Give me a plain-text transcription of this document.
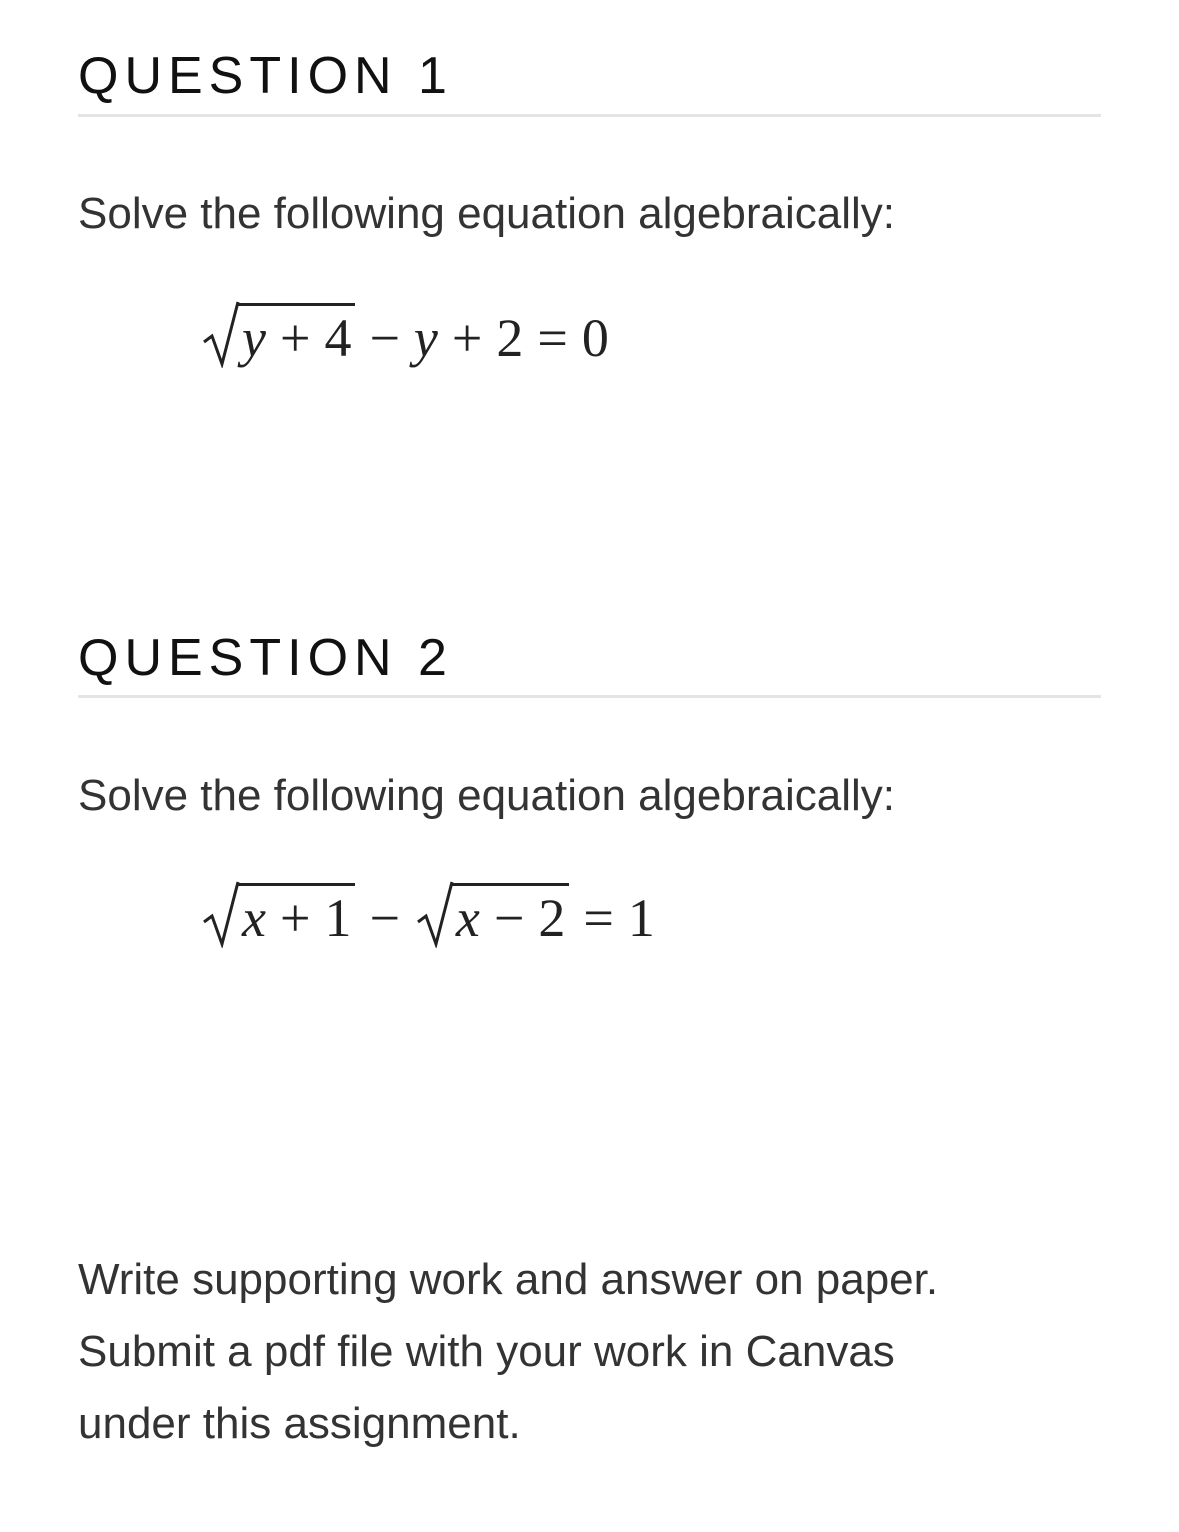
QUESTION 1

Solve the following equation algebraically:

y + 4 − y + 2 = 0
QUESTION 2

Solve the following equation algebraically:

x + 1 − x − 2 = 1

Write supporting work and answer on paper.
Submit a pdf file with your work in Canvas
under this assignment.
